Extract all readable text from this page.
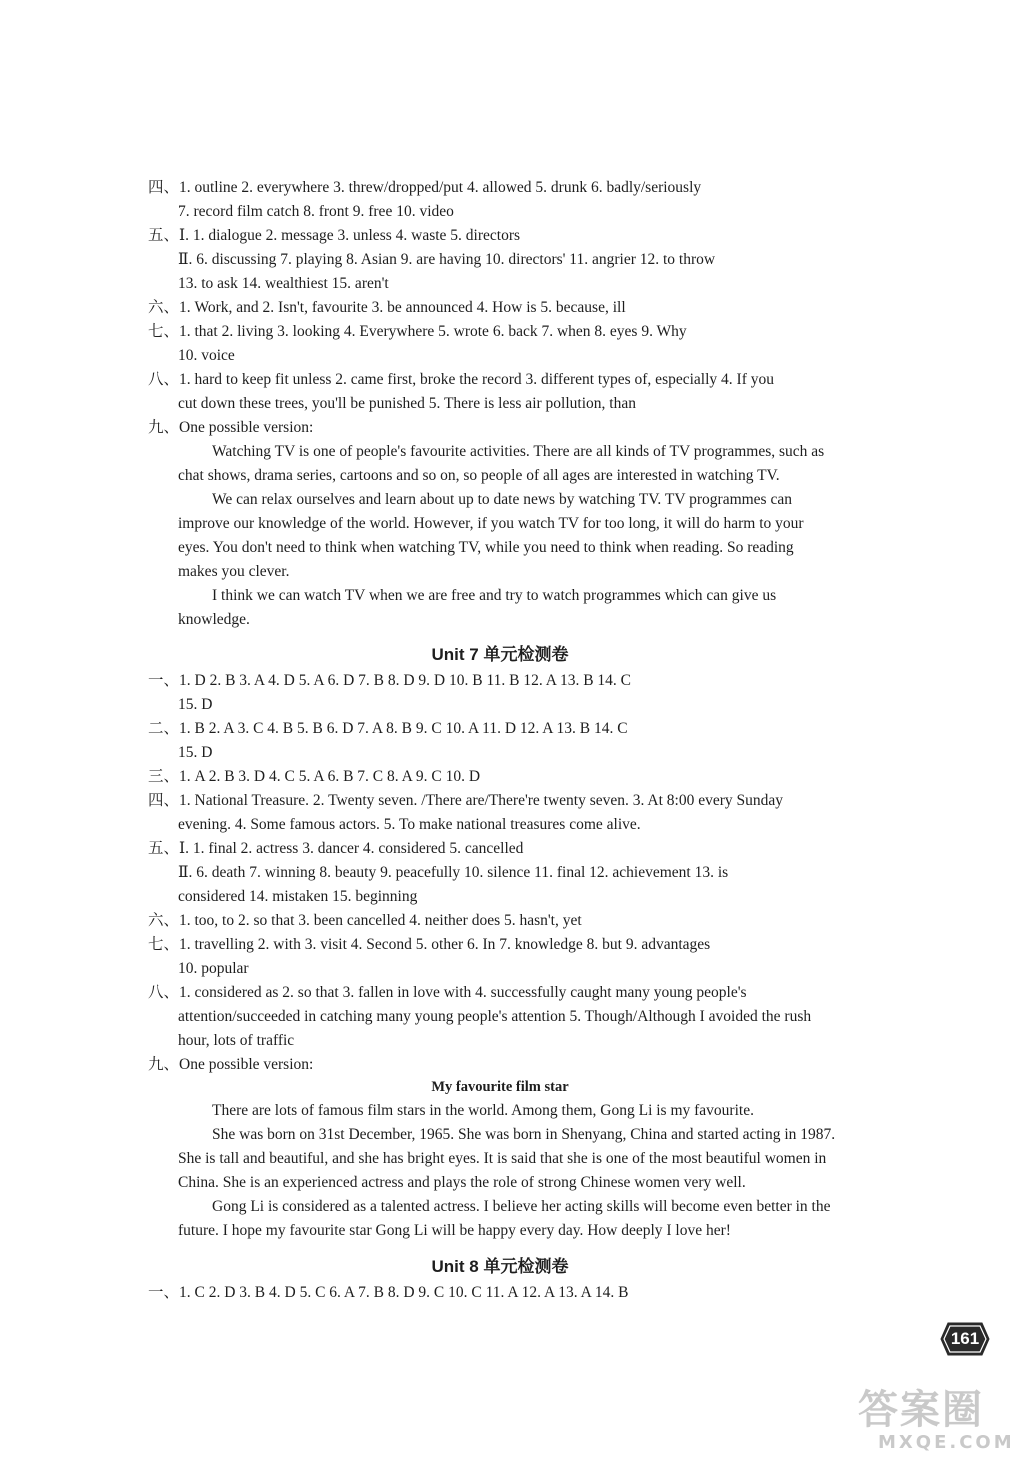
四、1. outline 2. everywhere 3. threw/dropped/put 4. allowed 5. drunk 6. badly/seriously
7. record film catch 8. front 9. free 10. video
五、Ⅰ. 1. dialogue 2. message 3. unless 4. waste 5. directors
Ⅱ. 6. discussing 7. playing 8. Asian 9. are having 10. directors' 11. angrier 12. to throw
13. to ask 14. wealthiest 15. aren't
六、1. Work, and 2. Isn't, favourite 3. be announced 4. How is 5. because, ill
七、1. that 2. living 3. looking 4. Everywhere 5. wrote 6. back 7. when 8. eyes 9. Why
10. voice
八、1. hard to keep fit unless 2. came first, broke the record 3. different types of, especially 4. If you
cut down these trees, you'll be punished 5. There is less air pollution, than
九、One possible version:
Watching TV is one of people's favourite activities. There are all kinds of TV programmes, such as
chat shows, drama series, cartoons and so on, so people of all ages are interested in watching TV.
We can relax ourselves and learn about up to date news by watching TV. TV programmes can
improve our knowledge of the world. However, if you watch TV for too long, it will do harm to your
eyes. You don't need to think when watching TV, while you need to think when reading. So reading
makes you clever.
I think we can watch TV when we are free and try to watch programmes which can give us
knowledge.
Unit 7 单元检测卷
一、1. D 2. B 3. A 4. D 5. A 6. D 7. B 8. D 9. D 10. B 11. B 12. A 13. B 14. C
15. D
二、1. B 2. A 3. C 4. B 5. B 6. D 7. A 8. B 9. C 10. A 11. D 12. A 13. B 14. C
15. D
三、1. A 2. B 3. D 4. C 5. A 6. B 7. C 8. A 9. C 10. D
四、1. National Treasure. 2. Twenty seven. /There are/There're twenty seven. 3. At 8:00 every Sunday
evening. 4. Some famous actors. 5. To make national treasures come alive.
五、Ⅰ. 1. final 2. actress 3. dancer 4. considered 5. cancelled
Ⅱ. 6. death 7. winning 8. beauty 9. peacefully 10. silence 11. final 12. achievement 13. is
considered 14. mistaken 15. beginning
六、1. too, to 2. so that 3. been cancelled 4. neither does 5. hasn't, yet
七、1. travelling 2. with 3. visit 4. Second 5. other 6. In 7. knowledge 8. but 9. advantages
10. popular
八、1. considered as 2. so that 3. fallen in love with 4. successfully caught many young people's
attention/succeeded in catching many young people's attention 5. Though/Although I avoided the rush
hour, lots of traffic
九、One possible version:
My favourite film star
There are lots of famous film stars in the world. Among them, Gong Li is my favourite.
She was born on 31st December, 1965. She was born in Shenyang, China and started acting in 1987.
She is tall and beautiful, and she has bright eyes. It is said that she is one of the most beautiful women in
China. She is an experienced actress and plays the role of strong Chinese women very well.
Gong Li is considered as a talented actress. I believe her acting skills will become even better in the
future. I hope my favourite star Gong Li will be happy every day. How deeply I love her!
Unit 8 单元检测卷
一、1. C 2. D 3. B 4. D 5. C 6. A 7. B 8. D 9. C 10. C 11. A 12. A 13. A 14. B
161
答案圈
MXQE.COM
